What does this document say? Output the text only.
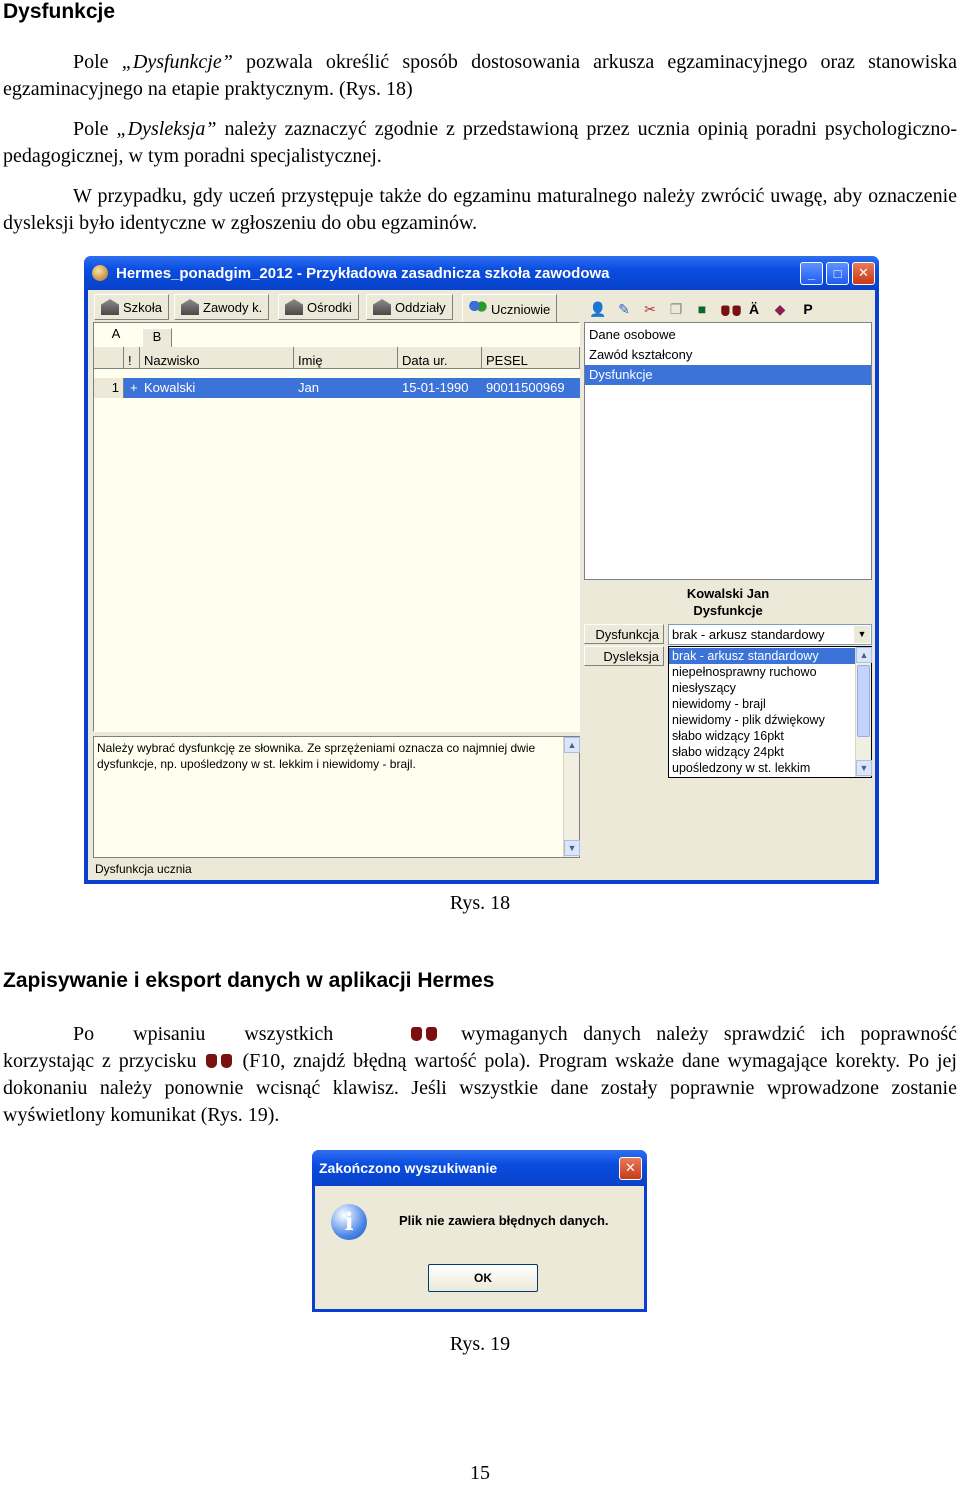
Dysfunkcje
Pole „Dysfunkcje” pozwala określić sposób dostosowania arkusza egzaminacyjnego oraz stanowiska egzaminacyjnego na etapie praktycznym. (Rys. 18)
Pole „Dysleksja” należy zaznaczyć zgodnie z przedstawioną przez ucznia opinią poradni psychologiczno-pedagogicznej, w tym poradni specjalistycznej.
W przypadku, gdy uczeń przystępuje także do egzaminu maturalnego należy zwrócić uwagę, aby oznaczenie dysleksji było identyczne w zgłoszeniu do obu egzaminów.
Hermes_ponadgim_2012 - Przykładowa zasadnicza szkoła zawodowa	_	□	✕
Szkoła	Zawody k.	Ośrodki	Oddziały	Uczniowie	👤 ✎ ✂ ❐	■	Ä	◆	P
A	B
! Nazwisko	Imię	Data ur.	PESEL
1 + Kowalski	Jan	15-01-1990	90011500969
Dane osobowe
Zawód kształcony
Dysfunkcje
Kowalski Jan
Dysfunkcje
Dysfunkcja
Dysleksja
brak - arkusz standardowy	▼
brak - arkusz standardowy
niepełnosprawny ruchowo
niesłyszący
niewidomy - brajl
niewidomy - plik dźwiękowy
słabo widzący 16pkt
słabo widzący 24pkt
upośledzony w st. lekkim
▲
▼
Należy wybrać dysfunkcję ze słownika. Ze sprzężeniami oznacza co najmniej dwie dysfunkcje, np. upośledzony w st. lekkim i niewidomy - brajl.
▲
▼
Dysfunkcja ucznia
Rys. 18
Zapisywanie i eksport danych w aplikacji Hermes
Po wpisaniu wszystkich	wymaganych danych należy sprawdzić ich poprawność korzystając z przycisku (F10, znajdź błędną wartość pola). Program wskaże dane wymagające korekty. Po jej dokonaniu należy ponownie wcisnąć klawisz. Jeśli wszystkie dane zostały poprawnie wprowadzone zostanie wyświetlony komunikat (Rys. 19).
Zakończono wyszukiwanie	✕
i	Plik nie zawiera błędnych danych.
OK
Rys. 19
15
